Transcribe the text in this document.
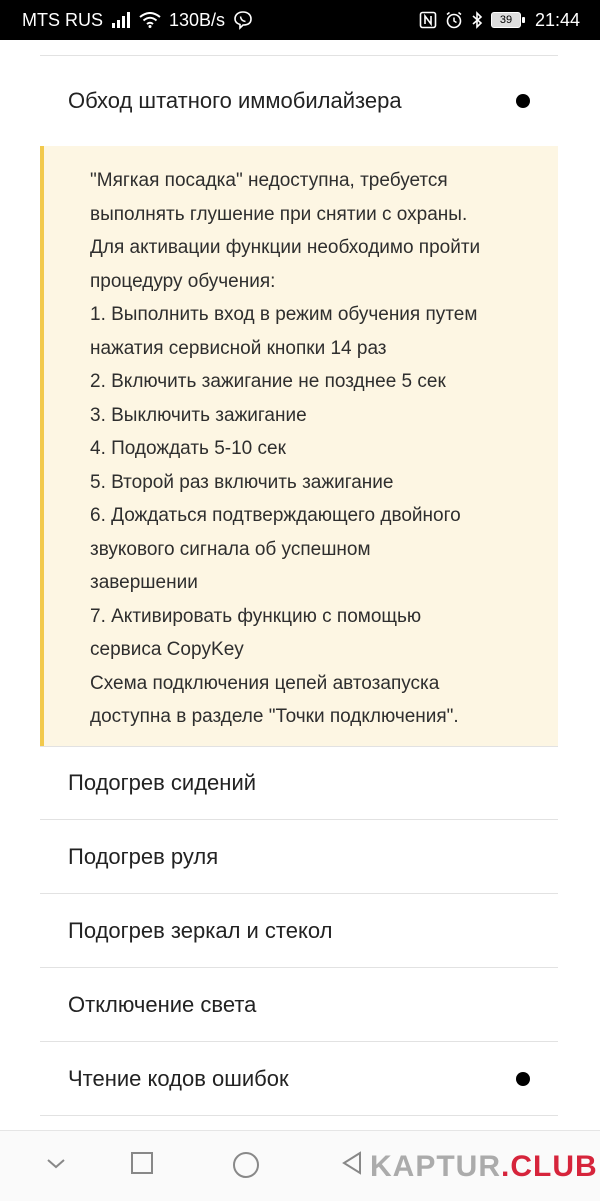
MTS RUS	130B/s	39	21:44
Обход штатного иммобилайзера
"Мягкая посадка" недоступна, требуется
выполнять глушение при снятии с охраны.
Для активации функции необходимо пройти
процедуру обучения:
1. Выполнить вход в режим обучения путем
нажатия сервисной кнопки 14 раз
2. Включить зажигание не позднее 5 сек
3. Выключить зажигание
4. Подождать 5-10 сек
5. Второй раз включить зажигание
6. Дождаться подтверждающего двойного
звукового сигнала об успешном
завершении
7. Активировать функцию с помощью
сервиса CopyKey
Схема подключения цепей автозапуска
доступна в разделе "Точки подключения".
Подогрев сидений
Подогрев руля
Подогрев зеркал и стекол
Отключение света
Чтение кодов ошибок
KAPTUR.CLUB
